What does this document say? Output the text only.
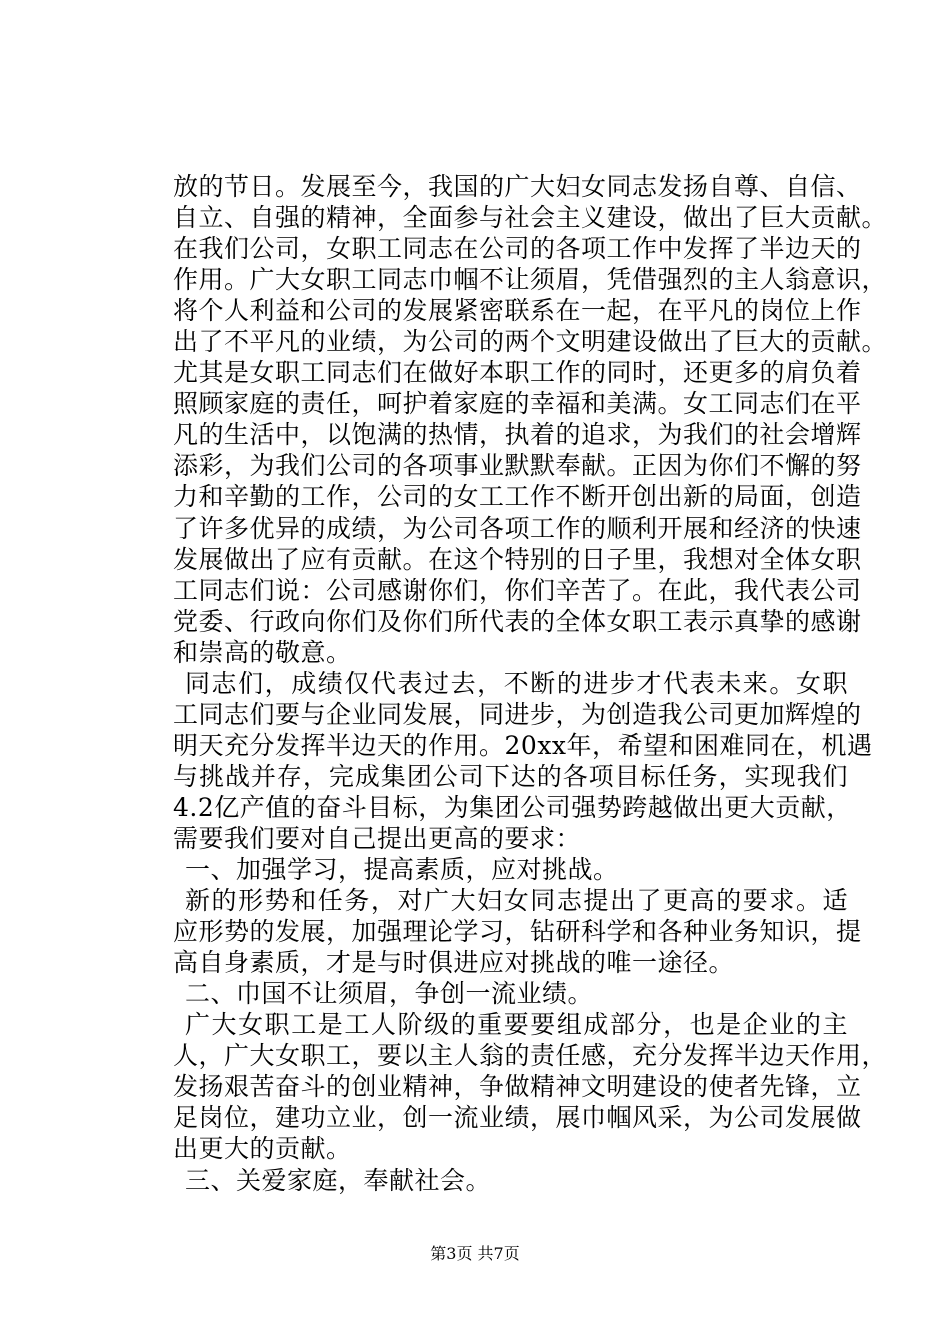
放的节日。发展至今，我国的广大妇女同志发扬自尊、自信、
自立、自强的精神，全面参与社会主义建设，做出了巨大贡献。
在我们公司，女职工同志在公司的各项工作中发挥了半边天的
作用。广大女职工同志巾帼不让须眉，凭借强烈的主人翁意识，
将个人利益和公司的发展紧密联系在一起，在平凡的岗位上作
出了不平凡的业绩，为公司的两个文明建设做出了巨大的贡献。
尤其是女职工同志们在做好本职工作的同时，还更多的肩负着
照顾家庭的责任，呵护着家庭的幸福和美满。女工同志们在平
凡的生活中，以饱满的热情，执着的追求，为我们的社会增辉
添彩，为我们公司的各项事业默默奉献。正因为你们不懈的努
力和辛勤的工作，公司的女工工作不断开创出新的局面，创造
了许多优异的成绩，为公司各项工作的顺利开展和经济的快速
发展做出了应有贡献。在这个特别的日子里，我想对全体女职
工同志们说：公司感谢你们，你们辛苦了。在此，我代表公司
党委、行政向你们及你们所代表的全体女职工表示真挚的感谢
和崇高的敬意。
同志们，成绩仅代表过去，不断的进步才代表未来。女职
工同志们要与企业同发展，同进步，为创造我公司更加辉煌的
明天充分发挥半边天的作用。20xx年，希望和困难同在，机遇
与挑战并存，完成集团公司下达的各项目标任务，实现我们
4.2亿产值的奋斗目标，为集团公司强势跨越做出更大贡献，
需要我们要对自己提出更高的要求：
一、加强学习，提高素质，应对挑战。
新的形势和任务，对广大妇女同志提出了更高的要求。适
应形势的发展，加强理论学习，钻研科学和各种业务知识，提
高自身素质，才是与时俱进应对挑战的唯一途径。
二、巾国不让须眉，争创一流业绩。
广大女职工是工人阶级的重要要组成部分，也是企业的主
人，广大女职工，要以主人翁的责任感，充分发挥半边天作用，
发扬艰苦奋斗的创业精神，争做精神文明建设的使者先锋，立
足岗位，建功立业，创一流业绩，展巾帼风采，为公司发展做
出更大的贡献。
三、关爱家庭，奉献社会。
第3页 共7页
